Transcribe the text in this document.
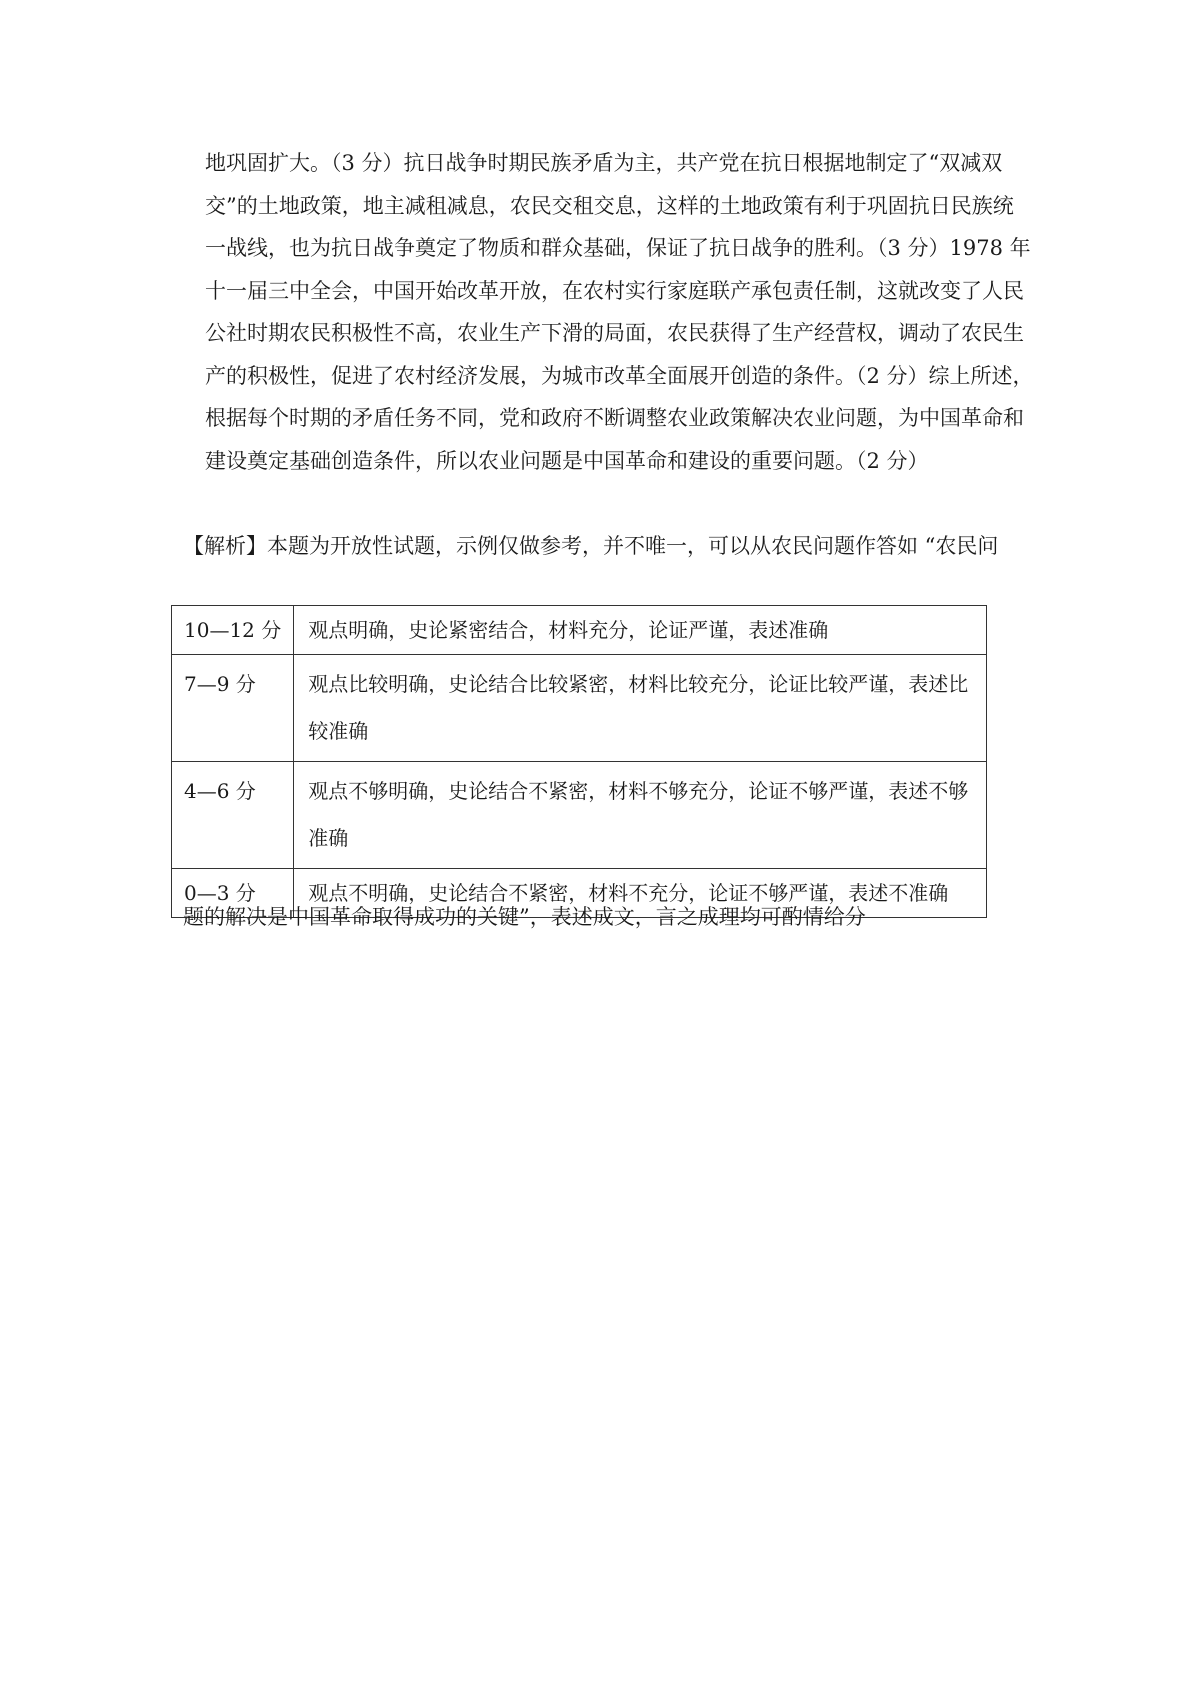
地巩固扩大。（3 分）抗日战争时期民族矛盾为主，共产党在抗日根据地制定了“双减双
交”的土地政策，地主减租减息，农民交租交息，这样的土地政策有利于巩固抗日民族统
一战线，也为抗日战争奠定了物质和群众基础，保证了抗日战争的胜利。（3 分）1978 年
十一届三中全会，中国开始改革开放，在农村实行家庭联产承包责任制，这就改变了人民
公社时期农民积极性不高，农业生产下滑的局面，农民获得了生产经营权，调动了农民生
产的积极性，促进了农村经济发展，为城市改革全面展开创造的条件。（2 分）综上所述，
根据每个时期的矛盾任务不同，党和政府不断调整农业政策解决农业问题，为中国革命和
建设奠定基础创造条件，所以农业问题是中国革命和建设的重要问题。（2 分）

【解析】本题为开放性试题，示例仅做参考，并不唯一，可以从农民问题作答如 “农民问

10—12 分	观点明确，史论紧密结合，材料充分，论证严谨，表述准确
7—9 分	观点比较明确，史论结合比较紧密，材料比较充分，论证比较严谨，表述比较准确
4—6 分	观点不够明确，史论结合不紧密，材料不够充分，论证不够严谨，表述不够准确
0—3 分	观点不明确，史论结合不紧密，材料不充分，论证不够严谨，表述不准确

题的解决是中国革命取得成功的关键”，表述成文，言之成理均可酌情给分
